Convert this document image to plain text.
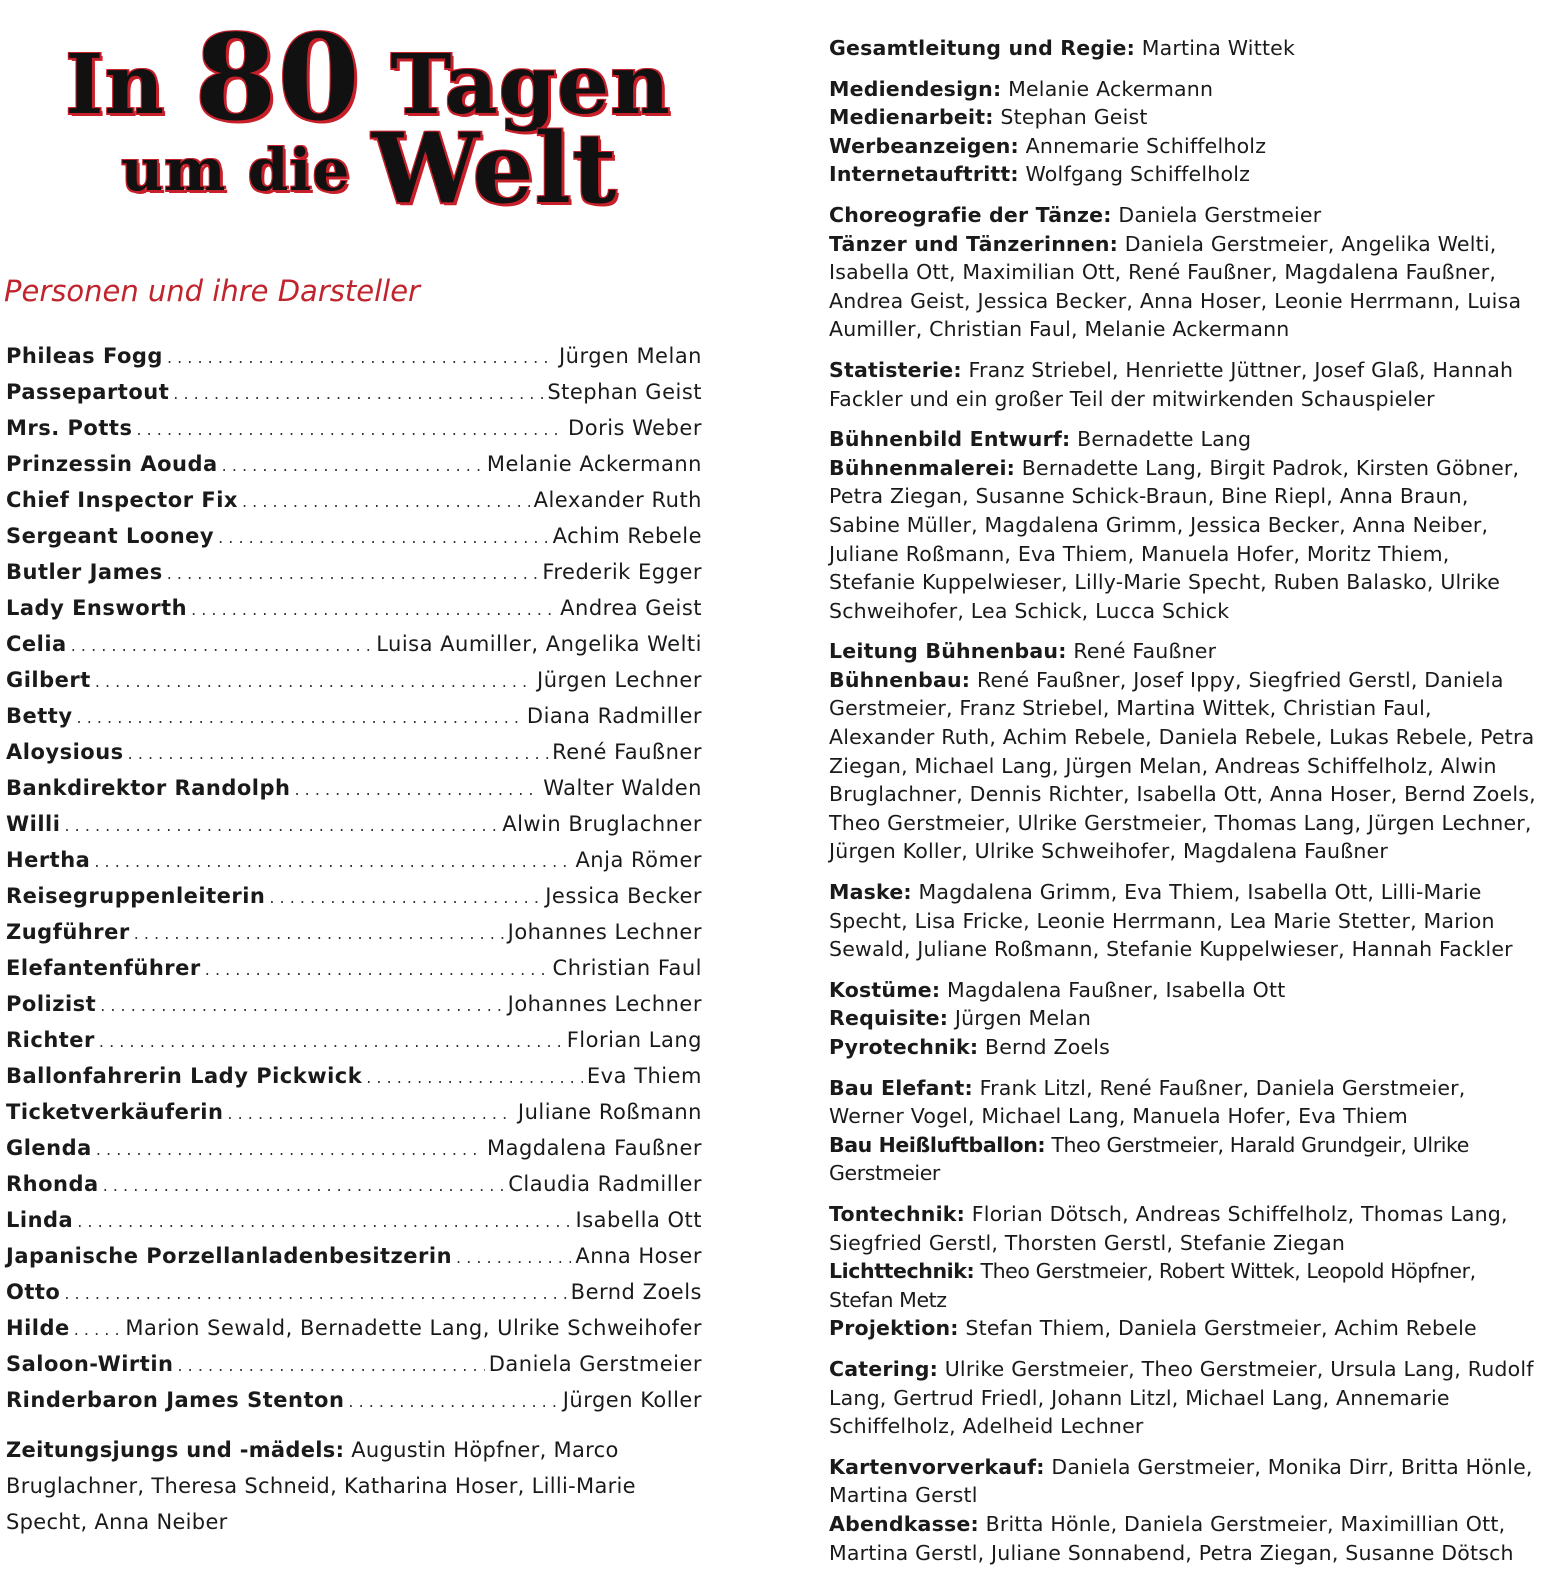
In 80 Tagen
um die Welt
Personen und ihre Darsteller
Phileas Fogg . . .	Jürgen Melan
Passepartout . . .	Stephan Geist
Mrs. Potts . . .	Doris Weber
Prinzessin Aouda . . .	Melanie Ackermann
Chief Inspector Fix . . .	Alexander Ruth
Sergeant Looney . . .	Achim Rebele
Butler James . . .	Frederik Egger
Lady Ensworth . . .	Andrea Geist
Celia . . .	Luisa Aumiller, Angelika Welti
Gilbert . . .	Jürgen Lechner
Betty . . .	Diana Radmiller
Aloysious . . .	René Faußner
Bankdirektor Randolph . . .	Walter Walden
Willi . . .	Alwin Bruglachner
Hertha . . .	Anja Römer
Reisegruppenleiterin . . .	Jessica Becker
Zugführer . . .	Johannes Lechner
Elefantenführer . . .	Christian Faul
Polizist . . .	Johannes Lechner
Richter . . .	Florian Lang
Ballonfahrerin Lady Pickwick . . .	Eva Thiem
Ticketverkäuferin . . .	Juliane Roßmann
Glenda . . .	Magdalena Faußner
Rhonda . . .	Claudia Radmiller
Linda . . .	Isabella Ott
Japanische Porzellanladenbesitzerin . . .	Anna Hoser
Otto . . .	Bernd Zoels
Hilde . . .	Marion Sewald, Bernadette Lang, Ulrike Schweihofer
Saloon-Wirtin . . .	Daniela Gerstmeier
Rinderbaron James Stenton . . .	Jürgen Koller
Zeitungsjungs und -mädels: Augustin Höpfner, Marco Bruglachner, Theresa Schneid, Katharina Hoser, Lilli-Marie Specht, Anna Neiber
Gesamtleitung und Regie: Martina Wittek
Mediendesign: Melanie Ackermann
Medienarbeit: Stephan Geist
Werbeanzeigen: Annemarie Schiffelholz
Internetauftritt: Wolfgang Schiffelholz
Choreografie der Tänze: Daniela Gerstmeier
Tänzer und Tänzerinnen: Daniela Gerstmeier, Angelika Welti, Isabella Ott, Maximilian Ott, René Faußner, Magdalena Faußner, Andrea Geist, Jessica Becker, Anna Hoser, Leonie Herrmann, Luisa Aumiller, Christian Faul, Melanie Ackermann
Statisterie: Franz Striebel, Henriette Jüttner, Josef Glaß, Hannah Fackler und ein großer Teil der mitwirkenden Schauspieler
Bühnenbild Entwurf: Bernadette Lang
Bühnenmalerei: Bernadette Lang, Birgit Padrok, Kirsten Göbner, Petra Ziegan, Susanne Schick-Braun, Bine Riepl, Anna Braun, Sabine Müller, Magdalena Grimm, Jessica Becker, Anna Neiber, Juliane Roßmann, Eva Thiem, Manuela Hofer, Moritz Thiem, Stefanie Kuppelwieser, Lilly-Marie Specht, Ruben Balasko, Ulrike Schweihofer, Lea Schick, Lucca Schick
Leitung Bühnenbau: René Faußner
Bühnenbau: René Faußner, Josef Ippy, Siegfried Gerstl, Daniela Gerstmeier, Franz Striebel, Martina Wittek, Christian Faul, Alexander Ruth, Achim Rebele, Daniela Rebele, Lukas Rebele, Petra Ziegan, Michael Lang, Jürgen Melan, Andreas Schiffelholz, Alwin Bruglachner, Dennis Richter, Isabella Ott, Anna Hoser, Bernd Zoels, Theo Gerstmeier, Ulrike Gerstmeier, Thomas Lang, Jürgen Lechner, Jürgen Koller, Ulrike Schweihofer, Magdalena Faußner
Maske: Magdalena Grimm, Eva Thiem, Isabella Ott, Lilli-Marie Specht, Lisa Fricke, Leonie Herrmann, Lea Marie Stetter, Marion Sewald, Juliane Roßmann, Stefanie Kuppelwieser, Hannah Fackler
Kostüme: Magdalena Faußner, Isabella Ott
Requisite: Jürgen Melan
Pyrotechnik: Bernd Zoels
Bau Elefant: Frank Litzl, René Faußner, Daniela Gerstmeier, Werner Vogel, Michael Lang, Manuela Hofer, Eva Thiem
Bau Heißluftballon: Theo Gerstmeier, Harald Grundgeir, Ulrike Gerstmeier
Tontechnik: Florian Dötsch, Andreas Schiffelholz, Thomas Lang, Siegfried Gerstl, Thorsten Gerstl, Stefanie Ziegan
Lichttechnik: Theo Gerstmeier, Robert Wittek, Leopold Höpfner, Stefan Metz
Projektion: Stefan Thiem, Daniela Gerstmeier, Achim Rebele
Catering: Ulrike Gerstmeier, Theo Gerstmeier, Ursula Lang, Rudolf Lang, Gertrud Friedl, Johann Litzl, Michael Lang, Annemarie Schiffelholz, Adelheid Lechner
Kartenvorverkauf: Daniela Gerstmeier, Monika Dirr, Britta Hönle, Martina Gerstl
Abendkasse: Britta Hönle, Daniela Gerstmeier, Maximillian Ott, Martina Gerstl, Juliane Sonnabend, Petra Ziegan, Susanne Dötsch
